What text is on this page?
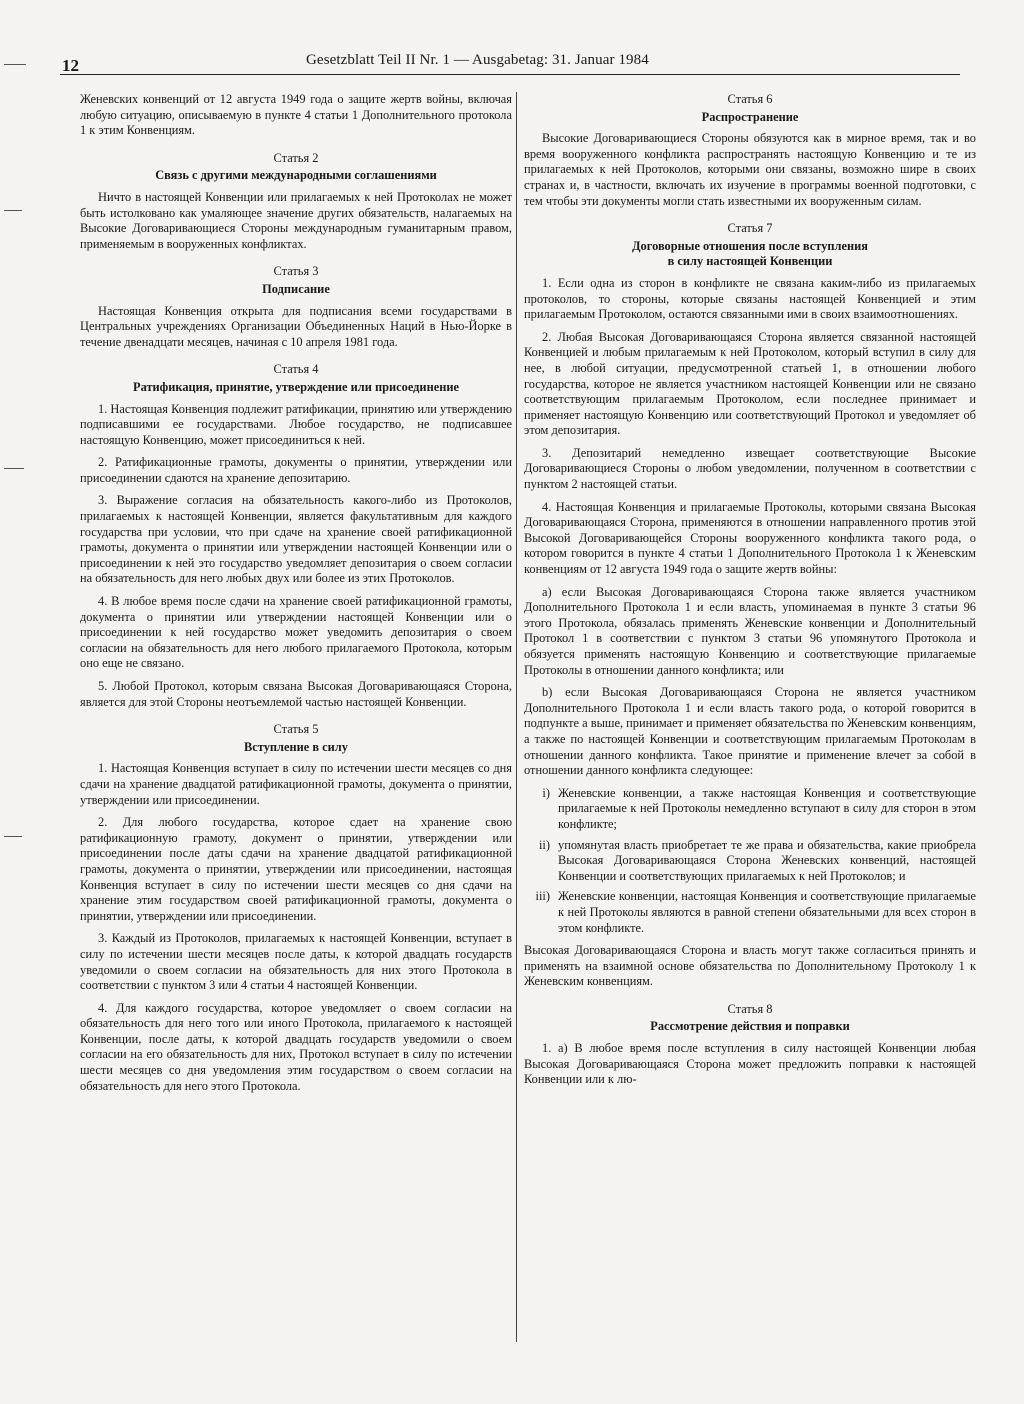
12	Gesetzblatt Teil II Nr. 1 — Ausgabetag: 31. Januar 1984

Женевских конвенций от 12 августа 1949 года о защите жертв войны, включая любую ситуацию, описываемую в пункте 4 статьи 1 Дополнительного протокола 1 к этим Конвенциям.

Статья 2
Связь с другими международными соглашениями

Ничто в настоящей Конвенции или прилагаемых к ней Протоколах не может быть истолковано как умаляющее значение других обязательств, налагаемых на Высокие Договаривающиеся Стороны международным гуманитарным правом, применяемым в вооруженных конфликтах.

Статья 3
Подписание

Настоящая Конвенция открыта для подписания всеми государствами в Центральных учреждениях Организации Объединенных Наций в Нью-Йорке в течение двенадцати месяцев, начиная с 10 апреля 1981 года.

Статья 4
Ратификация, принятие, утверждение или присоединение

1. Настоящая Конвенция подлежит ратификации, принятию или утверждению подписавшими ее государствами. Любое государство, не подписавшее настоящую Конвенцию, может присоединиться к ней.

2. Ратификационные грамоты, документы о принятии, утверждении или присоединении сдаются на хранение депозитарию.

3. Выражение согласия на обязательность какого-либо из Протоколов, прилагаемых к настоящей Конвенции, является факультативным для каждого государства при условии, что при сдаче на хранение своей ратификационной грамоты, документа о принятии или утверждении настоящей Конвенции или о присоединении к ней это государство уведомляет депозитария о своем согласии на обязательность для него любых двух или более из этих Протоколов.

4. В любое время после сдачи на хранение своей ратификационной грамоты, документа о принятии или утверждении настоящей Конвенции или о присоединении к ней государство может уведомить депозитария о своем согласии на обязательность для него любого прилагаемого Протокола, которым оно еще не связано.

5. Любой Протокол, которым связана Высокая Договаривающаяся Сторона, является для этой Стороны неотъемлемой частью настоящей Конвенции.

Статья 5
Вступление в силу

1. Настоящая Конвенция вступает в силу по истечении шести месяцев со дня сдачи на хранение двадцатой ратификационной грамоты, документа о принятии, утверждении или присоединении.

2. Для любого государства, которое сдает на хранение свою ратификационную грамоту, документ о принятии, утверждении или присоединении после даты сдачи на хранение двадцатой ратификационной грамоты, документа о принятии, утверждении или присоединении, настоящая Конвенция вступает в силу по истечении шести месяцев со дня сдачи на хранение этим государством своей ратификационной грамоты, документа о принятии, утверждении или присоединении.

3. Каждый из Протоколов, прилагаемых к настоящей Конвенции, вступает в силу по истечении шести месяцев после даты, к которой двадцать государств уведомили о своем согласии на обязательность для них этого Протокола в соответствии с пунктом 3 или 4 статьи 4 настоящей Конвенции.

4. Для каждого государства, которое уведомляет о своем согласии на обязательность для него того или иного Протокола, прилагаемого к настоящей Конвенции, после даты, к которой двадцать государств уведомили о своем согласии на его обязательность для них, Протокол вступает в силу по истечении шести месяцев со дня уведомления этим государством о своем согласии на обязательность для него этого Протокола.

Статья 6
Распространение

Высокие Договаривающиеся Стороны обязуются как в мирное время, так и во время вооруженного конфликта распространять настоящую Конвенцию и те из прилагаемых к ней Протоколов, которыми они связаны, возможно шире в своих странах и, в частности, включать их изучение в программы военной подготовки, с тем чтобы эти документы могли стать известными их вооруженным силам.

Статья 7
Договорные отношения после вступления
в силу настоящей Конвенции

1. Если одна из сторон в конфликте не связана каким-либо из прилагаемых протоколов, то стороны, которые связаны настоящей Конвенцией и этим прилагаемым Протоколом, остаются связанными ими в своих взаимоотношениях.

2. Любая Высокая Договаривающаяся Сторона является связанной настоящей Конвенцией и любым прилагаемым к ней Протоколом, который вступил в силу для нее, в любой ситуации, предусмотренной статьей 1, в отношении любого государства, которое не является участником настоящей Конвенции или не связано соответствующим прилагаемым Протоколом, если последнее принимает и применяет настоящую Конвенцию или соответствующий Протокол и уведомляет об этом депозитария.

3. Депозитарий немедленно извещает соответствующие Высокие Договаривающиеся Стороны о любом уведомлении, полученном в соответствии с пунктом 2 настоящей статьи.

4. Настоящая Конвенция и прилагаемые Протоколы, которыми связана Высокая Договаривающаяся Сторона, применяются в отношении направленного против этой Высокой Договаривающейся Стороны вооруженного конфликта такого рода, о котором говорится в пункте 4 статьи 1 Дополнительного Протокола 1 к Женевским конвенциям от 12 августа 1949 года о защите жертв войны:

а) если Высокая Договаривающаяся Сторона также является участником Дополнительного Протокола 1 и если власть, упоминаемая в пункте 3 статьи 96 этого Протокола, обязалась применять Женевские конвенции и Дополнительный Протокол 1 в соответствии с пунктом 3 статьи 96 упомянутого Протокола и обязуется применять настоящую Конвенцию и соответствующие прилагаемые Протоколы в отношении данного конфликта; или

b) если Высокая Договаривающаяся Сторона не является участником Дополнительного Протокола 1 и если власть такого рода, о которой говорится в подпункте а выше, принимает и применяет обязательства по Женевским конвенциям, а также по настоящей Конвенции и соответствующим прилагаемым Протоколам в отношении данного конфликта. Такое принятие и применение влечет за собой в отношении данного конфликта следующее:

i) Женевские конвенции, а также настоящая Конвенция и соответствующие прилагаемые к ней Протоколы немедленно вступают в силу для сторон в этом конфликте;
ii) упомянутая власть приобретает те же права и обязательства, какие приобрела Высокая Договаривающаяся Сторона Женевских конвенций, настоящей Конвенции и соответствующих прилагаемых к ней Протоколов; и
iii) Женевские конвенции, настоящая Конвенция и соответствующие прилагаемые к ней Протоколы являются в равной степени обязательными для всех сторон в этом конфликте.

Высокая Договаривающаяся Сторона и власть могут также согласиться принять и применять на взаимной основе обязательства по Дополнительному Протоколу 1 к Женевским конвенциям.

Статья 8
Рассмотрение действия и поправки

1. а) В любое время после вступления в силу настоящей Конвенции любая Высокая Договаривающаяся Сторона может предложить поправки к настоящей Конвенции или к лю-
